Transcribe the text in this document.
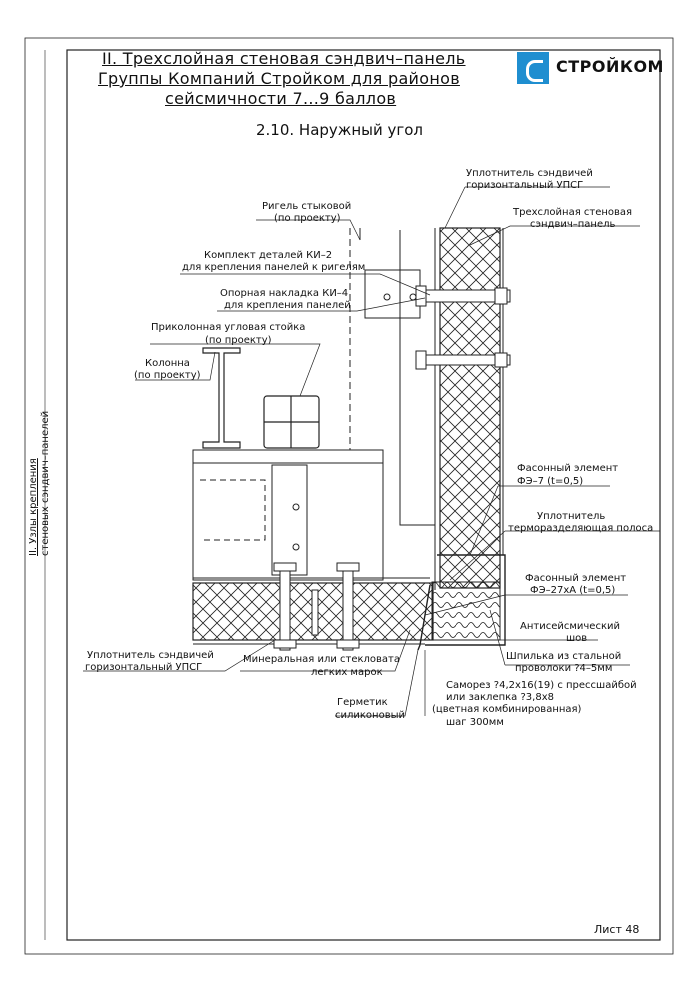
СТРОЙКОМ
II. Трехслойная стеновая сэндвич–панель
Группы Компаний Стройком для районов
сейсмичности 7...9 баллов
2.10. Наружный угол
II. Узлы крепления стеновых сэндвич–панелей
Уплотнитель сэндвичей
горизонтальный УПСГ
Трехслойная стеновая
сэндвич–панель
Ригель стыковой
(по проекту)
Комплект деталей КИ–2
для крепления панелей к ригелям
Опорная накладка КИ–4
для крепления панелей
Приколонная угловая стойка
(по проекту)
Колонна
(по проекту)
Фасонный элемент
ФЭ–7 (t=0,5)
Уплотнитель
терморазделяющая полоса
Фасонный элемент
ФЭ–27хА (t=0,5)
Антисейсмический
шов
Шпилька из стальной
проволоки ?4–5мм
Уплотнитель сэндвичей
горизонтальный УПСГ
Минеральная или стекловата
легких марок
Герметик
силиконовый
Саморез ?4,2х16(19) с прессшайбой
или заклепка ?3,8х8
(цветная комбинированная)
шаг 300мм
Лист 48
